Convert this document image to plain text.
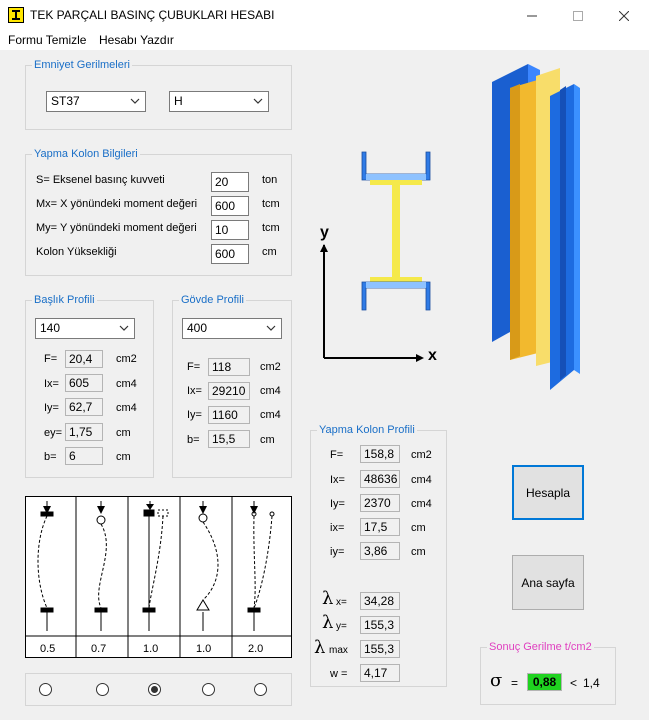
TEK PARÇALI BASINÇ ÇUBUKLARI HESABI
Formu Temizle Hesabı Yazdır
Emniyet Gerilmeleri
ST37	H
Yapma Kolon Bilgileri
S= Eksenel basınç kuvveti	20	ton
Mx= X yönündeki moment değeri	600	tcm
My= Y yönündeki moment değeri	10	tcm
Kolon Yüksekliği	600	cm
Başlık Profili
140
F= 20,4	cm2
Ix= 605	cm4
Iy= 62,7	cm4
ey= 1,75	cm
b=	6	cm
Gövde Profili
400
F= 118	cm2
Ix= 29210	cm4
Iy= 1160	cm4
b=	15,5	cm
y
x
Yapma Kolon Profili
F=	158,8	cm2
Ix=	48636 cm4
Iy=	2370	cm4
ix=	17,5	cm
iy=	3,86	cm
λ x=	34,28
λ y=	155,3
λ max	155,3
w =	4,17
0.5	0.7	1.0	1.0	2.0
Hesapla
Ana sayfa
Sonuç Gerilme t/cm2
σ =	0,88	< 1,4
